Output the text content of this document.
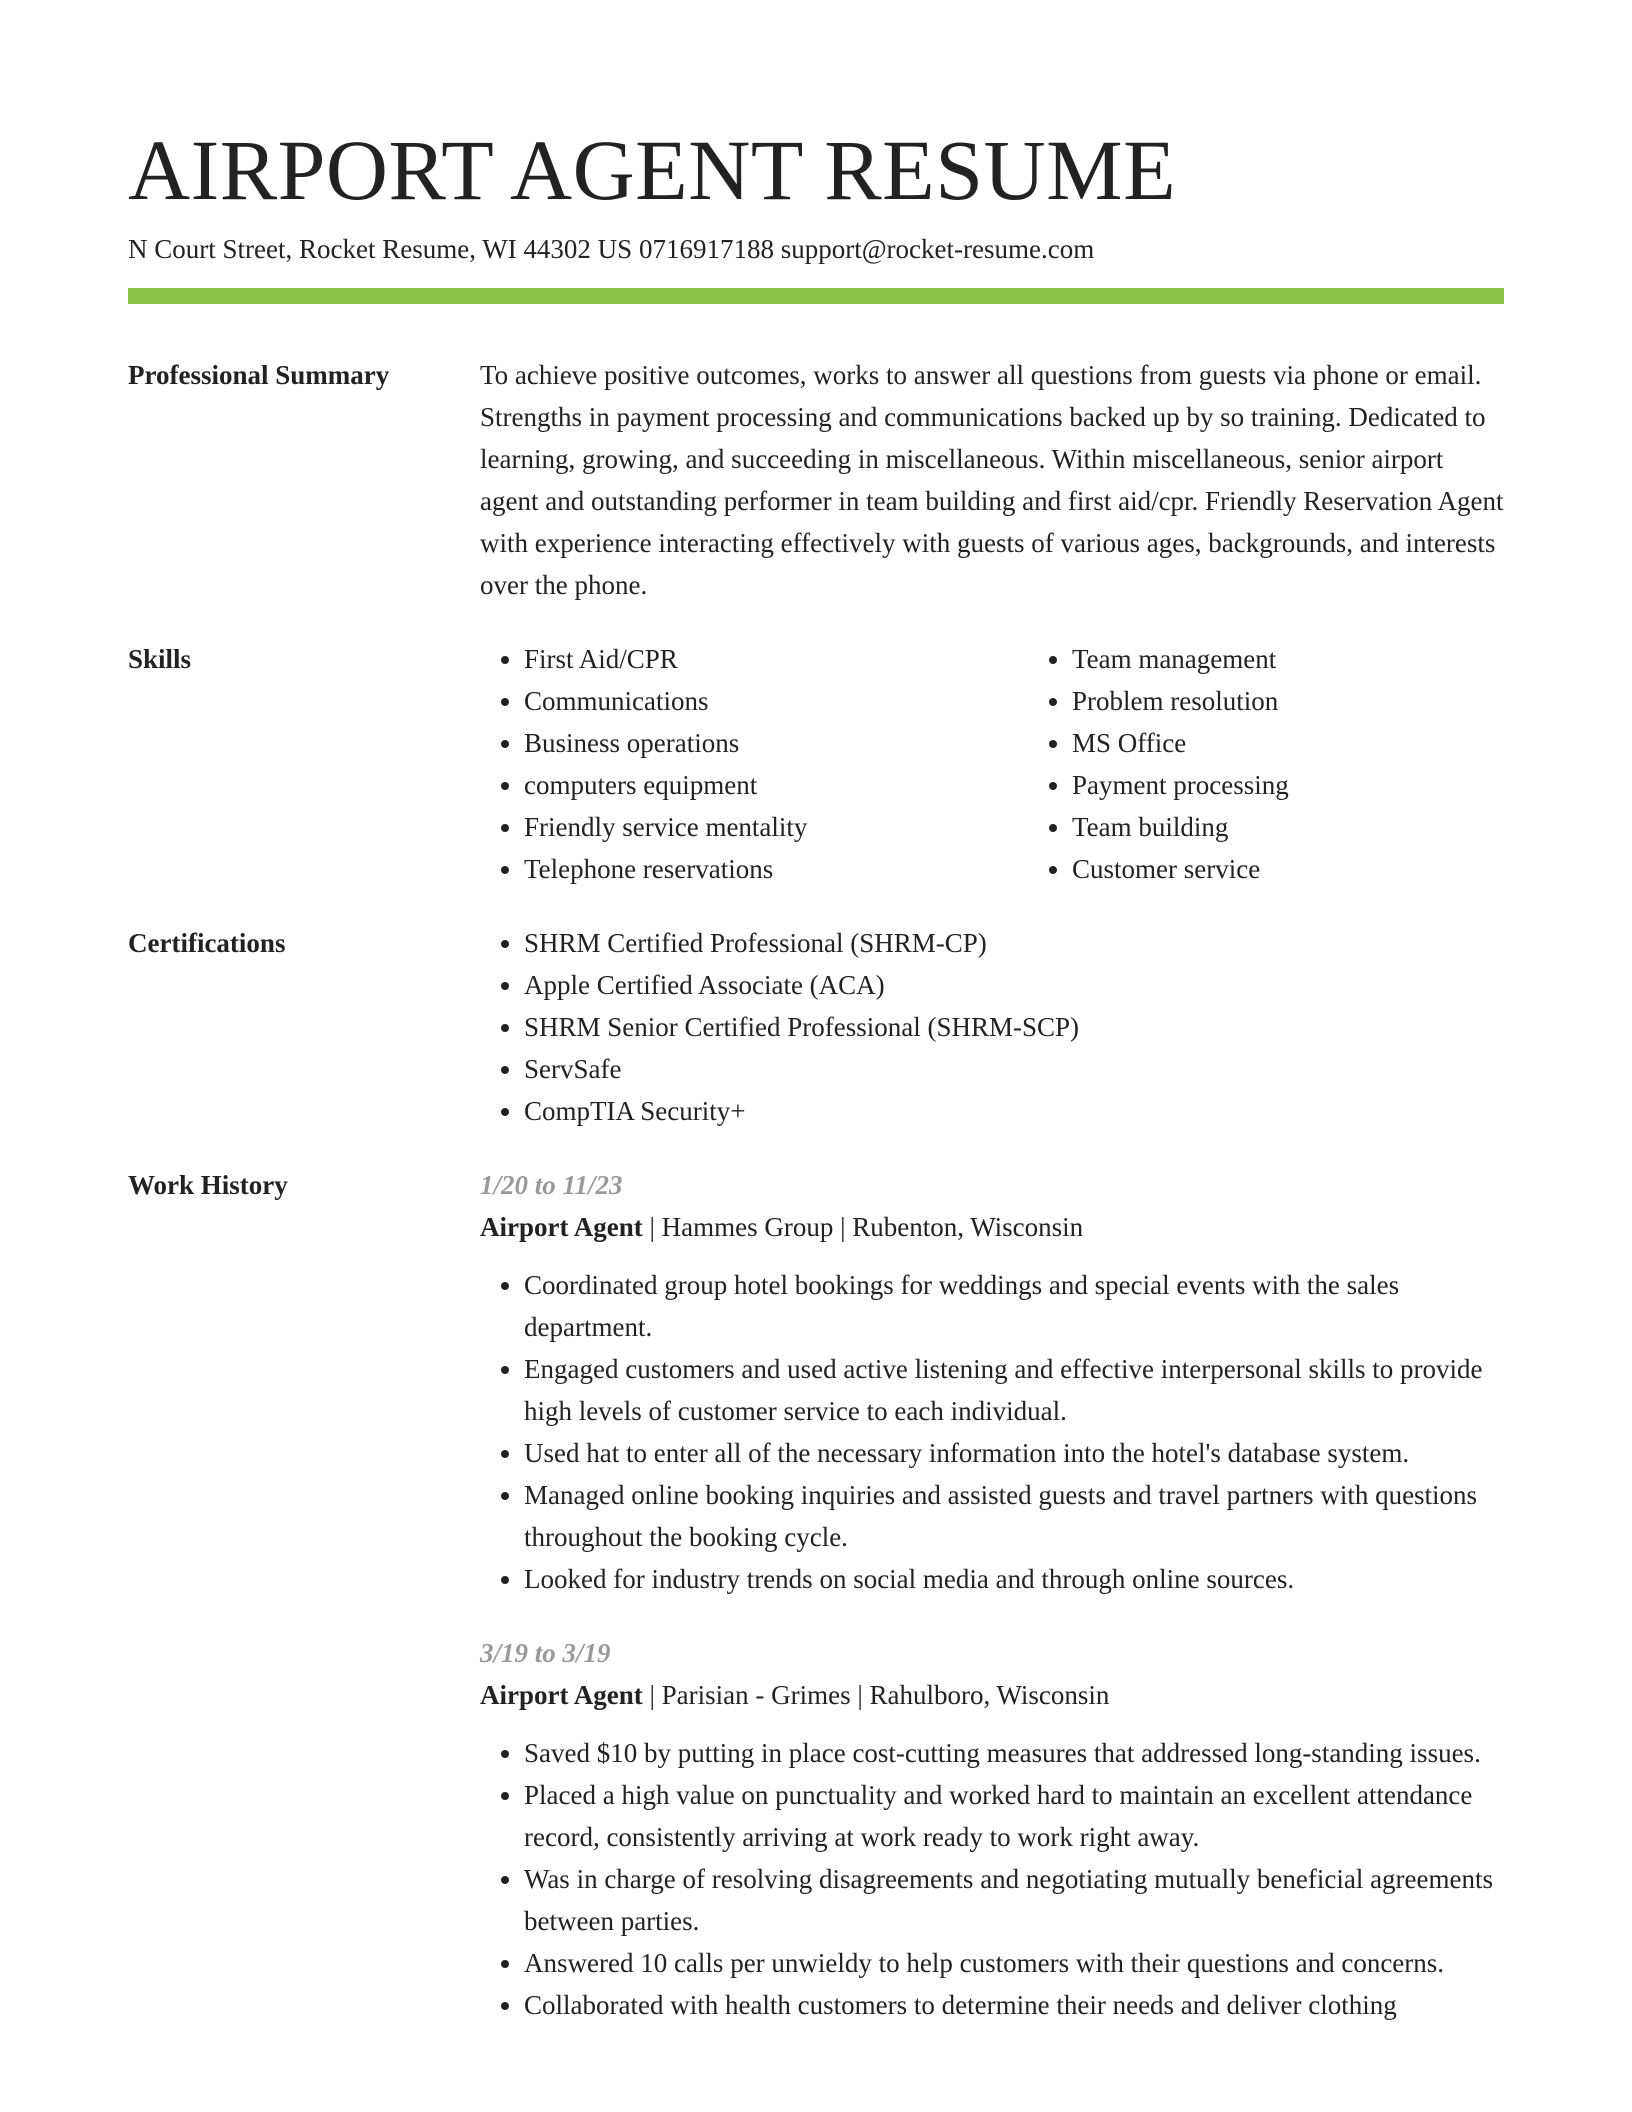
AIRPORT AGENT RESUME
N Court Street, Rocket Resume, WI 44302 US 0716917188 support@rocket-resume.com
Professional Summary	To achieve positive outcomes, works to answer all questions from guests via phone or email. Strengths in payment processing and communications backed up by so training. Dedicated to learning, growing, and succeeding in miscellaneous. Within miscellaneous, senior airport agent and outstanding performer in team building and first aid/cpr. Friendly Reservation Agent with experience interacting effectively with guests of various ages, backgrounds, and interests over the phone.
Skills	• First Aid/CPR
• Communications
• Business operations
• computers equipment
• Friendly service mentality
• Telephone reservations
• Team management
• Problem resolution
• MS Office
• Payment processing
• Team building
• Customer service
Certifications	• SHRM Certified Professional (SHRM-CP)
• Apple Certified Associate (ACA)
• SHRM Senior Certified Professional (SHRM-SCP)
• ServSafe
• CompTIA Security+
Work History	1/20 to 11/23
Airport Agent | Hammes Group | Rubenton, Wisconsin
• Coordinated group hotel bookings for weddings and special events with the sales department.
• Engaged customers and used active listening and effective interpersonal skills to provide high levels of customer service to each individual.
• Used hat to enter all of the necessary information into the hotel's database system.
• Managed online booking inquiries and assisted guests and travel partners with questions throughout the booking cycle.
• Looked for industry trends on social media and through online sources.
3/19 to 3/19
Airport Agent | Parisian - Grimes | Rahulboro, Wisconsin
• Saved $10 by putting in place cost-cutting measures that addressed long-standing issues.
• Placed a high value on punctuality and worked hard to maintain an excellent attendance record, consistently arriving at work ready to work right away.
• Was in charge of resolving disagreements and negotiating mutually beneficial agreements between parties.
• Answered 10 calls per unwieldy to help customers with their questions and concerns.
• Collaborated with health customers to determine their needs and deliver clothing
